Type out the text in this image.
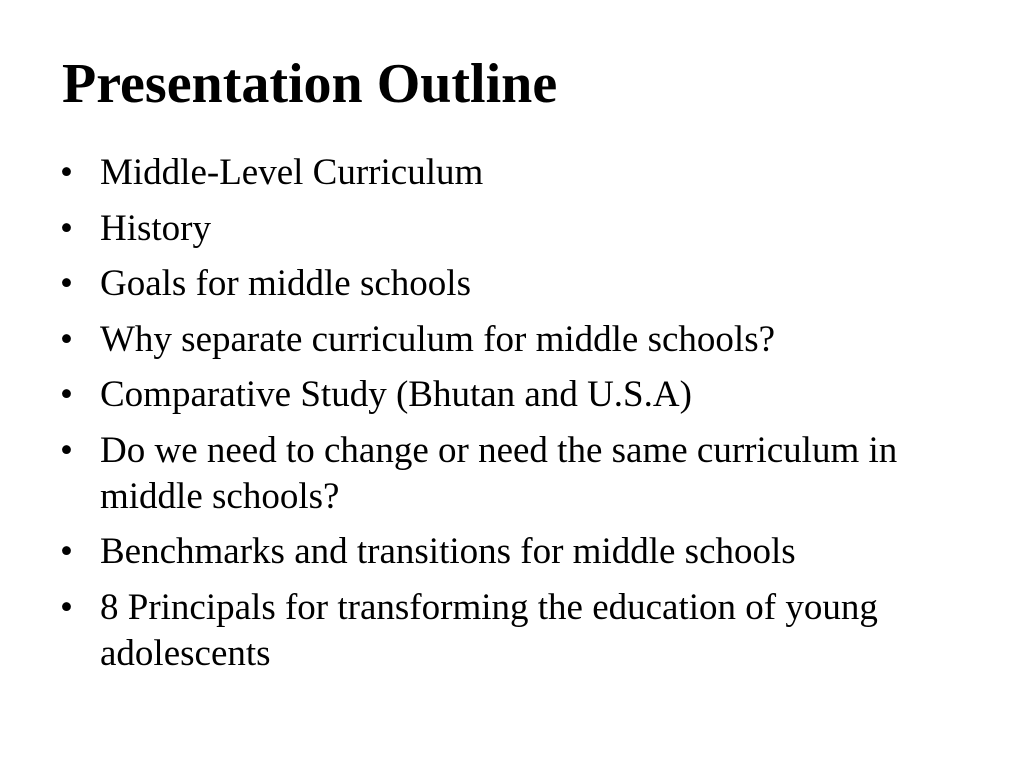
Presentation Outline
• Middle-Level Curriculum
• History
• Goals for middle schools
• Why separate curriculum for middle schools?
• Comparative Study (Bhutan and U.S.A)
• Do we need to change or need the same curriculum in middle schools?
• Benchmarks and transitions for middle schools
• 8 Principals for transforming the education of young adolescents
